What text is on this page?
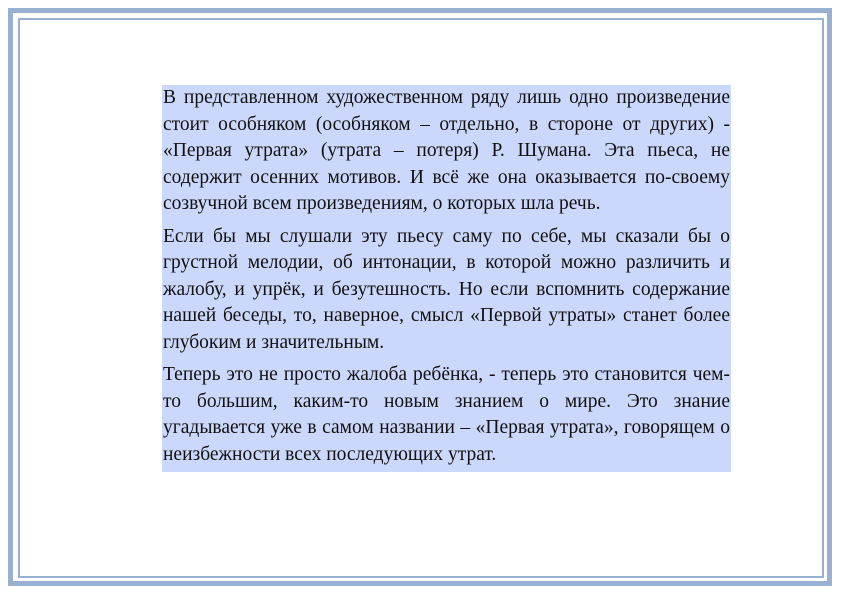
В представленном художественном ряду лишь одно произведение стоит особняком (особняком – отдельно, в стороне от других) - «Первая утрата» (утрата – потеря) Р. Шумана. Эта пьеса, не содержит осенних мотивов. И всё же она оказывается по-своему созвучной всем произведениям, о которых шла речь.

Если бы мы слушали эту пьесу саму по себе, мы сказали бы о грустной мелодии, об интонации, в которой можно различить и жалобу, и упрёк, и безутешность. Но если вспомнить содержание нашей беседы, то, наверное, смысл «Первой утраты» станет более глубоким и значительным.

Теперь это не просто жалоба ребёнка, - теперь это становится чем-то большим, каким-то новым знанием о мире. Это знание угадывается уже в самом названии – «Первая утрата», говорящем о неизбежности всех последующих утрат.
